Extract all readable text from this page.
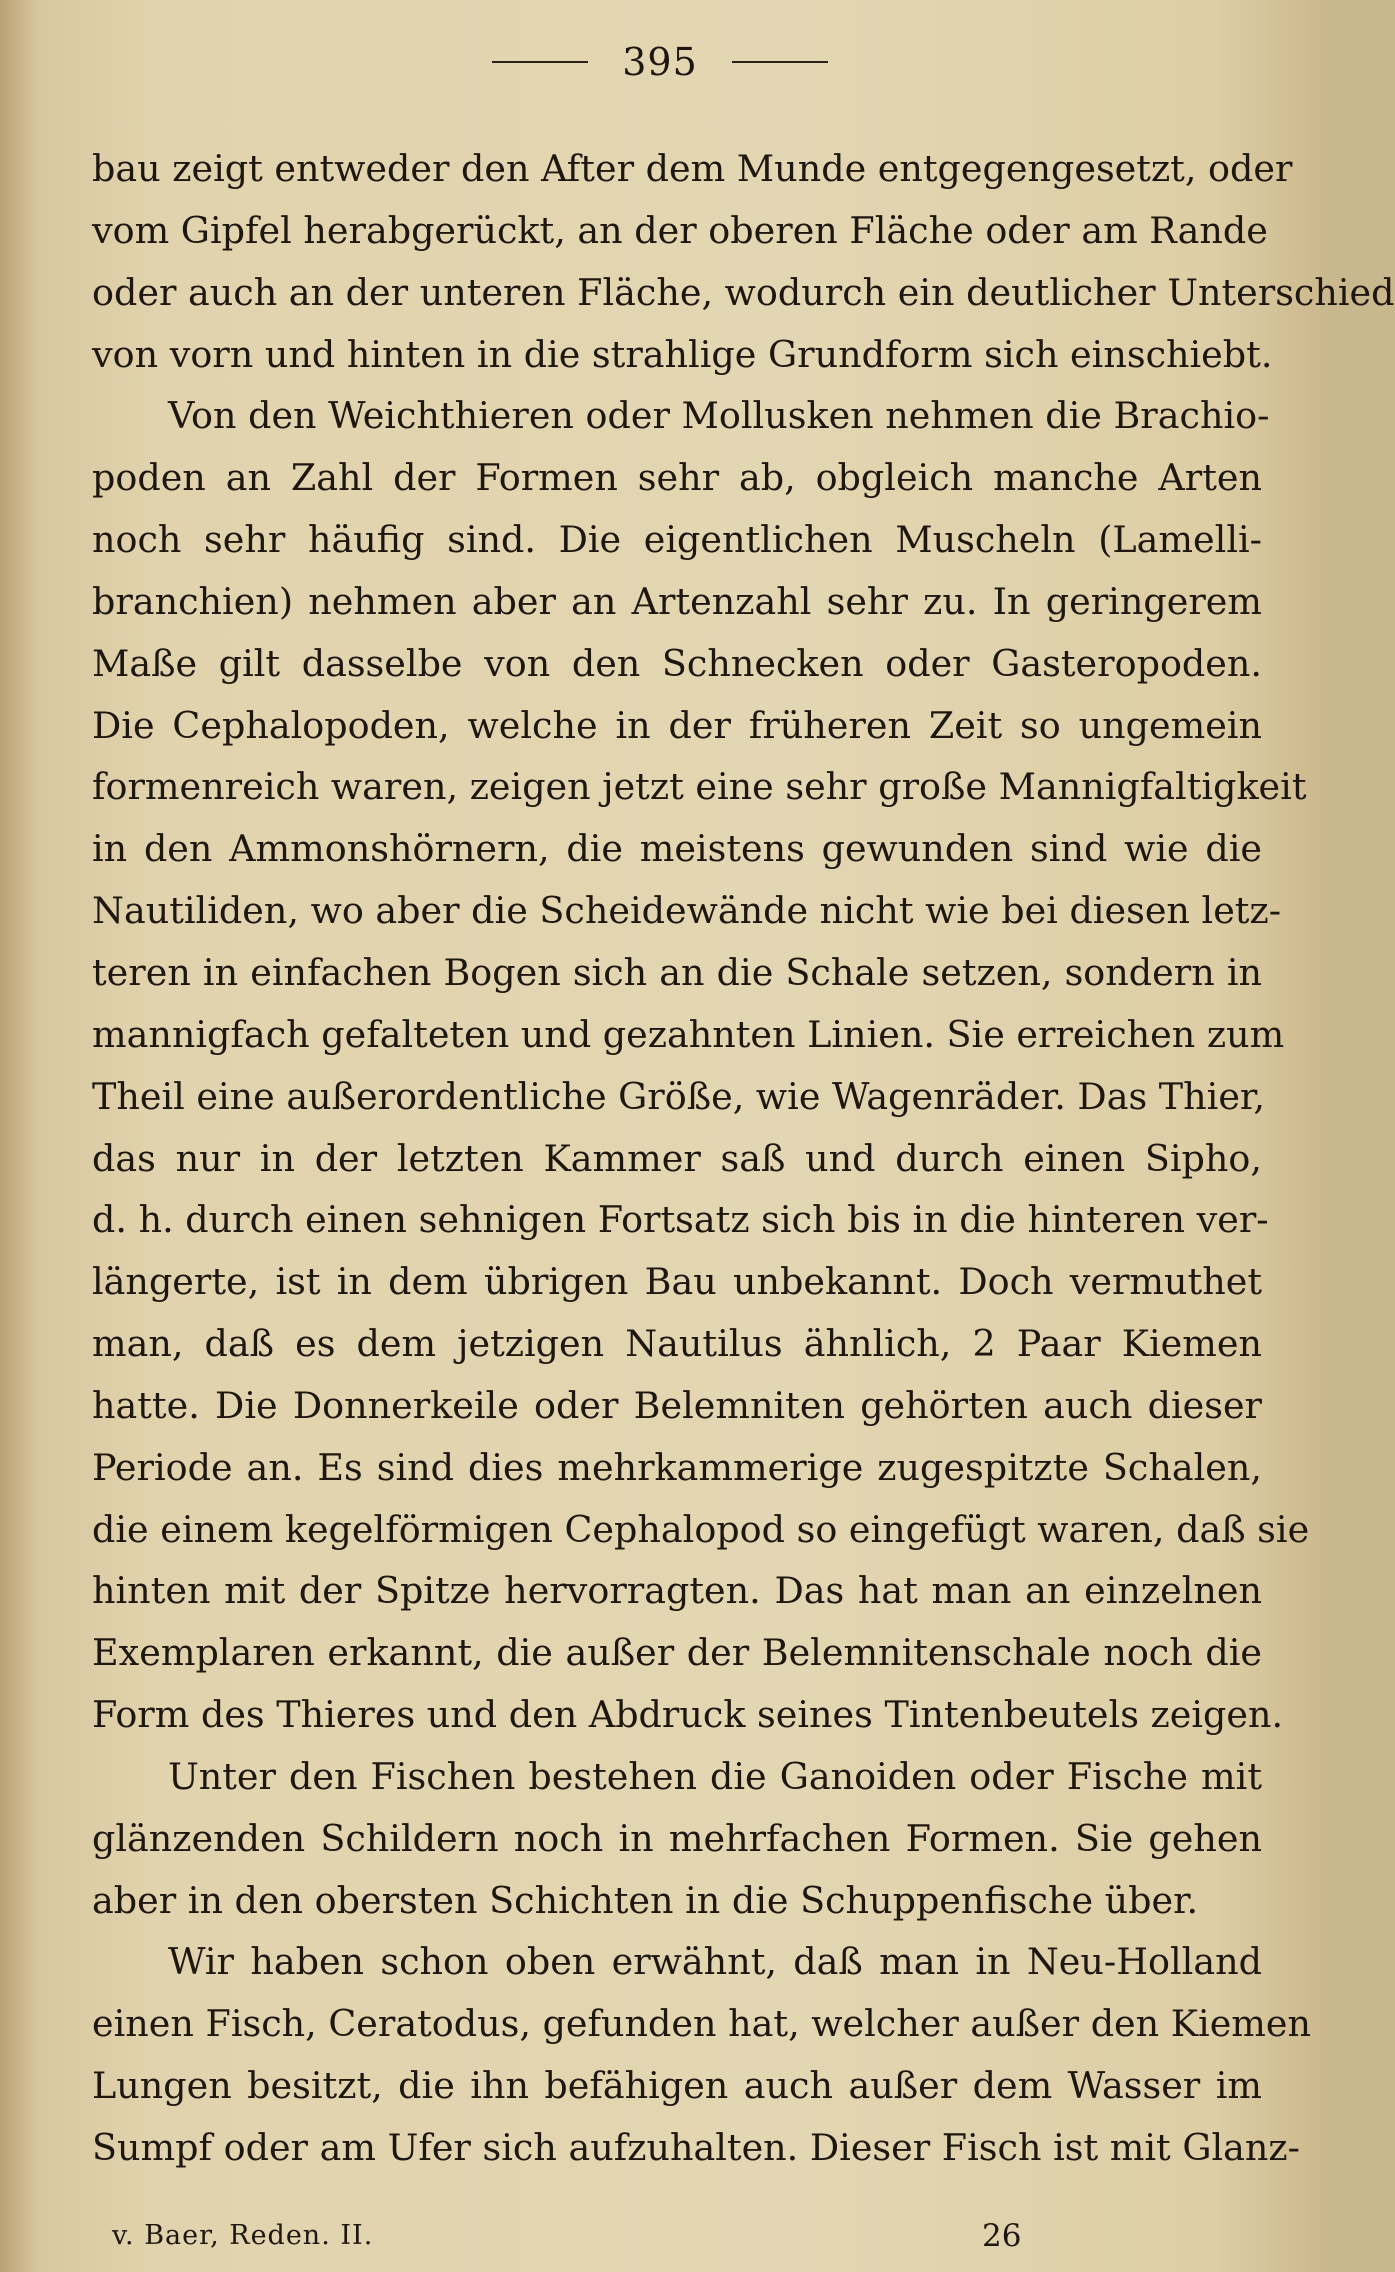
395
bau zeigt entweder den After dem Munde entgegengesetzt, oder
vom Gipfel herabgerückt, an der oberen Fläche oder am Rande
oder auch an der unteren Fläche, wodurch ein deutlicher Unterschied
von vorn und hinten in die strahlige Grundform sich einschiebt.
Von den Weichthieren oder Mollusken nehmen die Brachio-
poden an Zahl der Formen sehr ab, obgleich manche Arten
noch sehr häufig sind. Die eigentlichen Muscheln (Lamelli-
branchien) nehmen aber an Artenzahl sehr zu. In geringerem
Maße gilt dasselbe von den Schnecken oder Gasteropoden.
Die Cephalopoden, welche in der früheren Zeit so ungemein
formenreich waren, zeigen jetzt eine sehr große Mannigfaltigkeit
in den Ammonshörnern, die meistens gewunden sind wie die
Nautiliden, wo aber die Scheidewände nicht wie bei diesen letz-
teren in einfachen Bogen sich an die Schale setzen, sondern in
mannigfach gefalteten und gezahnten Linien. Sie erreichen zum
Theil eine außerordentliche Größe, wie Wagenräder. Das Thier,
das nur in der letzten Kammer saß und durch einen Sipho,
d. h. durch einen sehnigen Fortsatz sich bis in die hinteren ver-
längerte, ist in dem übrigen Bau unbekannt. Doch vermuthet
man, daß es dem jetzigen Nautilus ähnlich, 2 Paar Kiemen
hatte. Die Donnerkeile oder Belemniten gehörten auch dieser
Periode an. Es sind dies mehrkammerige zugespitzte Schalen,
die einem kegelförmigen Cephalopod so eingefügt waren, daß sie
hinten mit der Spitze hervorragten. Das hat man an einzelnen
Exemplaren erkannt, die außer der Belemnitenschale noch die
Form des Thieres und den Abdruck seines Tintenbeutels zeigen.
Unter den Fischen bestehen die Ganoiden oder Fische mit
glänzenden Schildern noch in mehrfachen Formen. Sie gehen
aber in den obersten Schichten in die Schuppenfische über.
Wir haben schon oben erwähnt, daß man in Neu-Holland
einen Fisch, Ceratodus, gefunden hat, welcher außer den Kiemen
Lungen besitzt, die ihn befähigen auch außer dem Wasser im
Sumpf oder am Ufer sich aufzuhalten. Dieser Fisch ist mit Glanz-
v. Baer, Reden. II.	26
